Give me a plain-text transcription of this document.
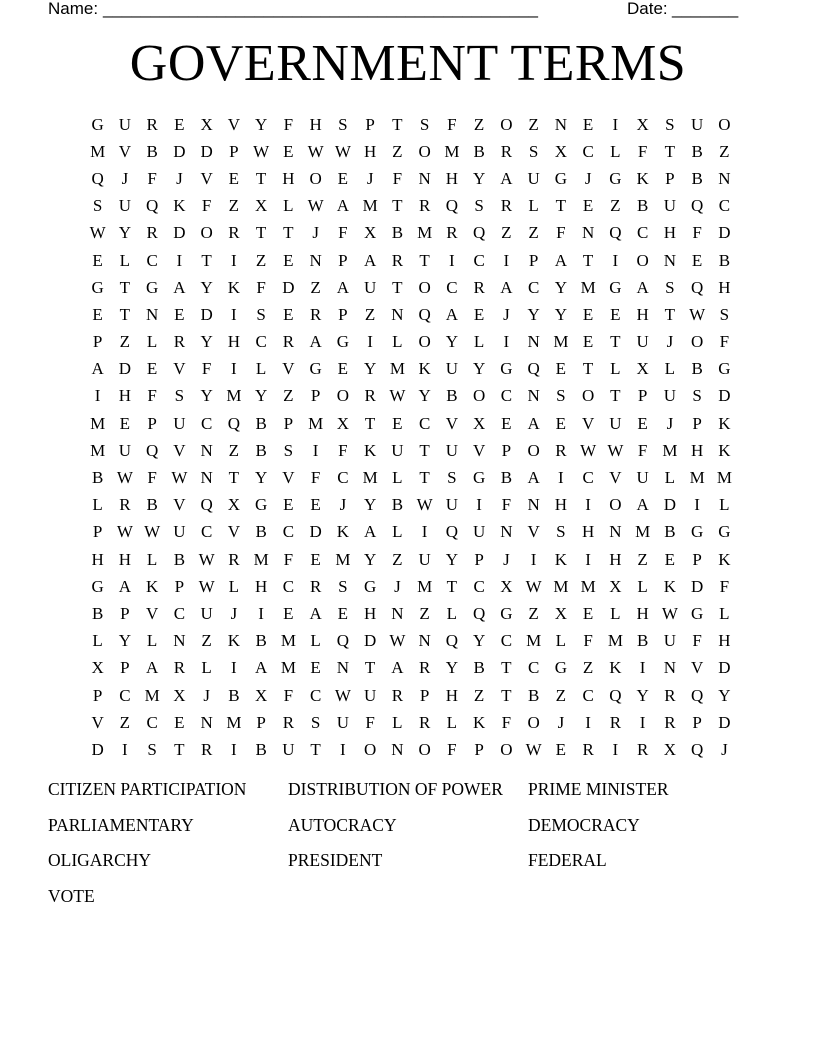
Name: ______________________________________________	Date: _______
GOVERNMENT TERMS
G U R E X V Y F H S	P	T	S	F	Z O Z N E	I	X S U O
M V B D D P W E W W H Z O M B R S X C L	F	T B Z
Q	J	F	J	V E T H O E	J	F N H Y A U G	J	G K P B N
S U Q K F	Z X L W A M T R Q S R L T E Z B U Q C
W Y R D O R T T	J	F X B M R Q Z Z	F N Q C H F D
E L C	I	T	I	Z E N P A R T	I	C	I	P A T	I	O N E B
G T G A Y K F D Z A U T O C R A C Y M G A S Q H
E T N E D	I	S	E R P	Z N Q A E	J	Y Y E E H T W S
P	Z L R Y H C R A G	I	L O Y L	I	N M E T U	J	O F
A D E V F	I	L V G E Y M K U Y G Q E T L X L B G
I	H F	S Y M Y Z	P O R W Y B O C N S O T	P U S D
M E	P U C Q B P M X T E C V X E A E V U E	J	P K
M U Q V N Z B S	I	F K U T U V P O R W W F M H K
B W F W N T Y V F C M L T	S G B A	I	C V U L M M
L R B V Q X G E E	J	Y B W U	I	F N H	I	O A D	I	L
P W W U C V B C D K A L	I	Q U N V S H N M B G G
H H L B W R M F	E M Y Z U Y P	J	I	K	I	H Z E	P K
G A K P W L H C R S G	J M T C X W M M X L K D F
B P V C U	J	I	E A E H N Z L Q G Z X E L H W G L
L Y L N Z K B M L Q D W N Q Y C M L	F M B U F H
X P A R L	I	A M E N T A R Y B T C G Z K	I	N V D
P C M X	J	B X F C W U R P H Z T B Z C Q Y R Q Y
V Z C E N M P R S U F	L R L K F O	J	I	R	I	R P D
D	I	S	T R	I	B U T	I	O N O F	P O W E R	I	R X Q	J
CITIZEN PARTICIPATION	DISTRIBUTION OF POWER	PRIME MINISTER
PARLIAMENTARY	AUTOCRACY	DEMOCRACY
OLIGARCHY	PRESIDENT	FEDERAL
VOTE
